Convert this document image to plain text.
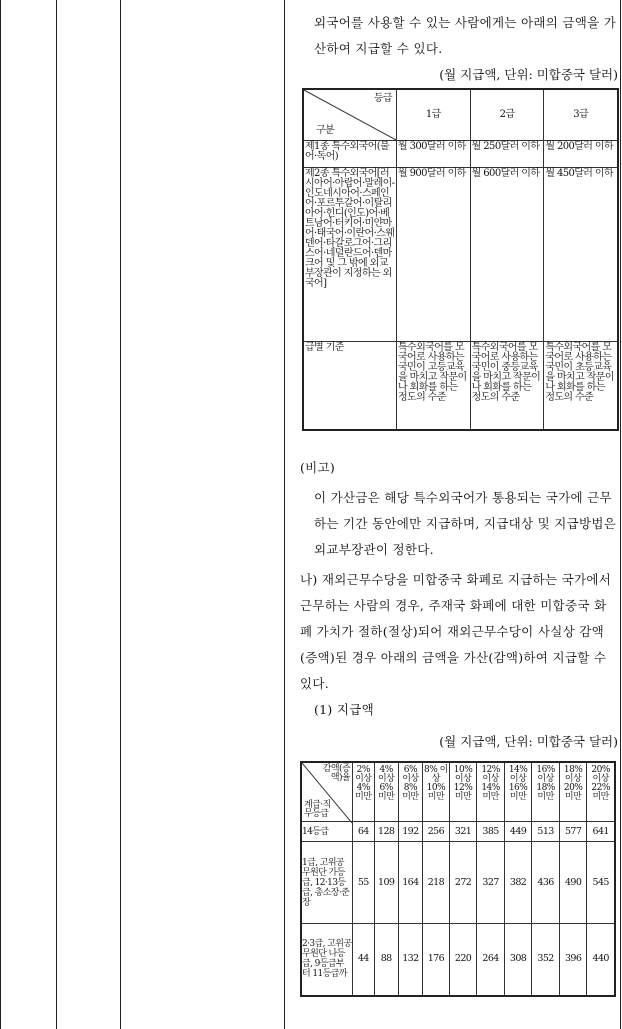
외국어를 사용할 수 있는 사람에게는 아래의 금액을 가산하여 지급할 수 있다.

(월 지급액, 단위: 미합중국 달러)
등급
구분	1급	2급	3급
제1종 특수외국어(불어·독어)	월 300달러 이하	월 250달러 이하	월 200달러 이하
제2종 특수외국어[러시아어·아랍어·말레이-인도네시아어·스페인어·포르투갈어·이탈리아어·힌디(인도)어·베트남어·터키어·미얀마어·태국어·이란어·스웨덴어·타갈로그어·그리스어·네덜란드어·덴마크어 및 그 밖에 외교부장관이 지정하는 외국어]	월 900달러 이하	월 600달러 이하	월 450달러 이하
급별 기준	특수외국어를 모국어로 사용하는 국민이 고등교육을 마치고 작문이나 회화를 하는 정도의 수준	특수외국어를 모국어로 사용하는 국민이 중등교육을 마치고 작문이나 회화를 하는 정도의 수준	특수외국어를 모국어로 사용하는 국민이 초등교육을 마치고 작문이나 회화를 하는 정도의 수준

(비고)

이 가산금은 해당 특수외국어가 통용되는 국가에 근무하는 기간 동안에만 지급하며, 지급대상 및 지급방법은 외교부장관이 정한다.

나) 재외근무수당을 미합중국 화폐로 지급하는 국가에서 근무하는 사람의 경우, 주재국 화폐에 대한 미합중국 화폐 가치가 절하(절상)되어 재외근무수당이 사실상 감액(증액)된 경우 아래의 금액을 가산(감액)하여 지급할 수 있다.

(1) 지급액

(월 지급액, 단위: 미합중국 달러)
감액(증액)율
계급·직무등급	2% 이상 4% 미만	4% 이상 6% 미만	6% 이상 8% 미만	8% 이상 10% 미만	10% 이상 12% 미만	12% 이상 14% 미만	14% 이상 16% 미만	16% 이상 18% 미만	18% 이상 20% 미만	20% 이상 22% 미만
14등급	64	128	192	256	321	385	449	513	577	641
1급, 고위공무원단 가등급, 12·13등급, 총소장·준장	55	109	164	218	272	327	382	436	490	545
2·3급, 고위공무원단 나등급, 9등급부터 11등급까	44	88	132	176	220	264	308	352	396	440
